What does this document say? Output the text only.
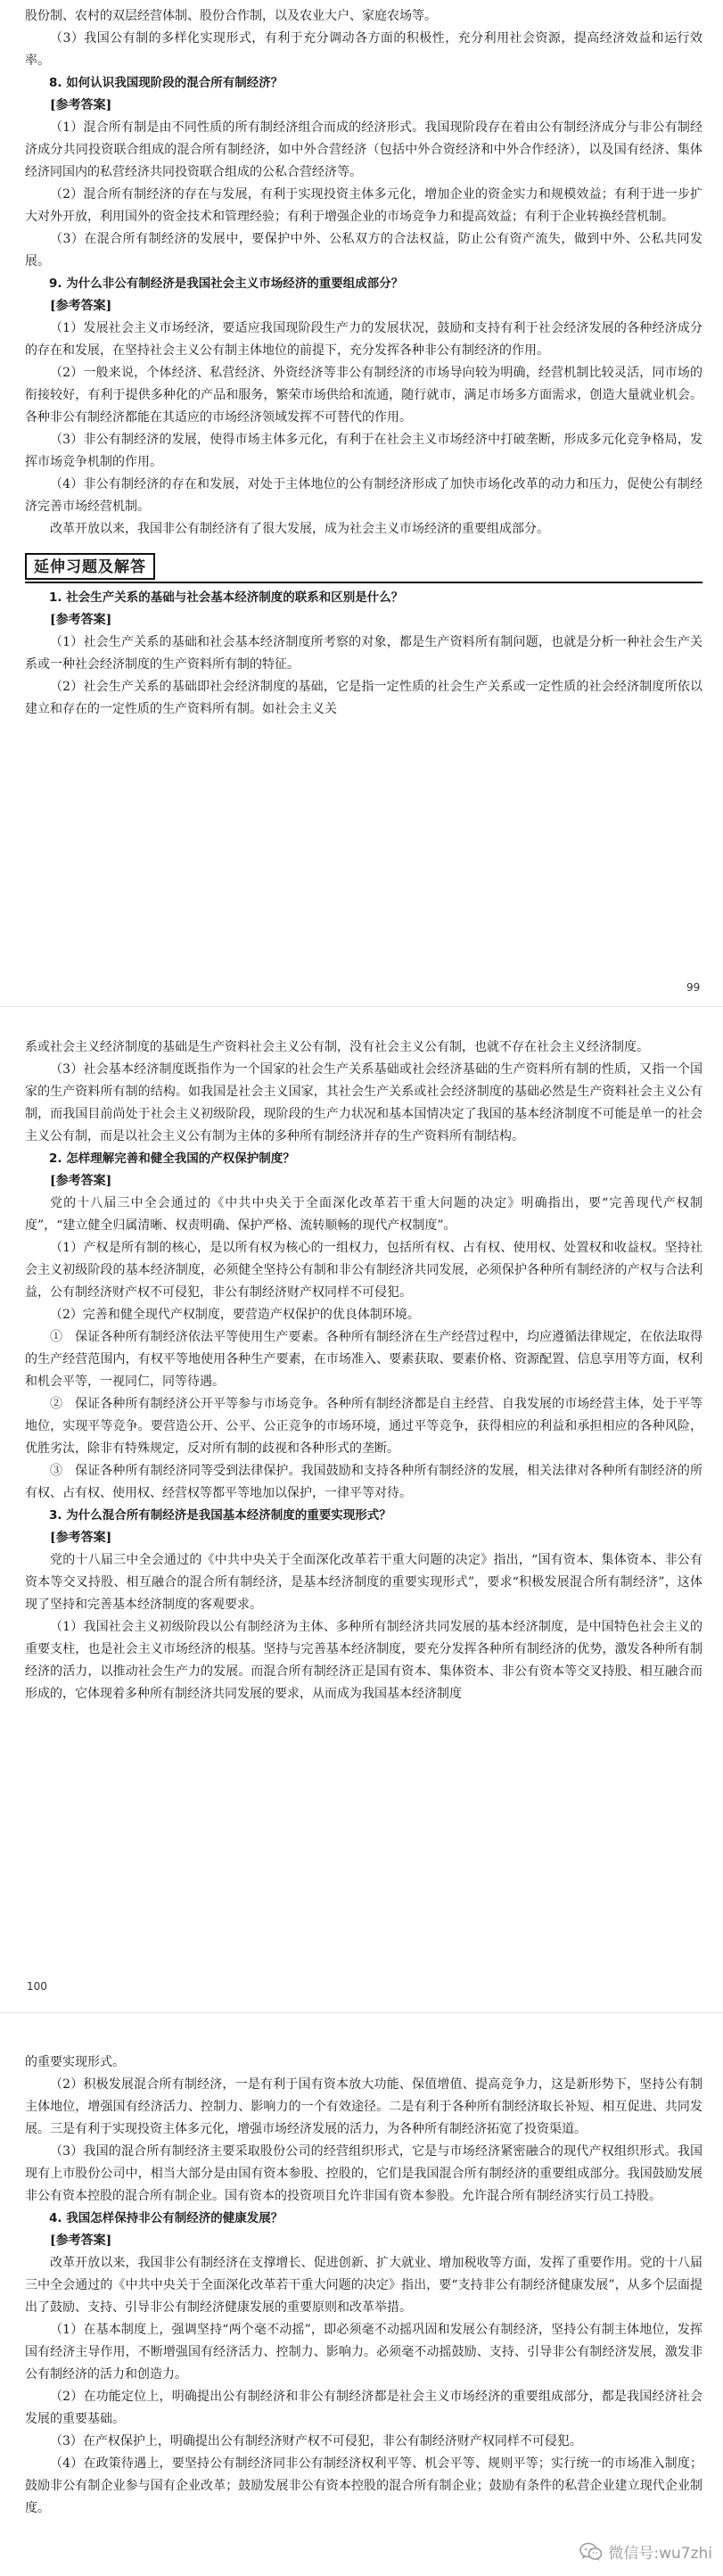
股份制、农村的双层经营体制、股份合作制，以及农业大户、家庭农场等。

（3）我国公有制的多样化实现形式，有利于充分调动各方面的积极性，充分利用社会资源，提高经济效益和运行效率。

8. 如何认识我国现阶段的混合所有制经济？

[参考答案]

（1）混合所有制是由不同性质的所有制经济组合而成的经济形式。我国现阶段存在着由公有制经济成分与非公有制经济成分共同投资联合组成的混合所有制经济，如中外合营经济（包括中外合资经济和中外合作经济），以及国有经济、集体经济同国内的私营经济共同投资联合组成的公私合营经济等。

（2）混合所有制经济的存在与发展，有利于实现投资主体多元化，增加企业的资金实力和规模效益；有利于进一步扩大对外开放，利用国外的资金技术和管理经验；有利于增强企业的市场竞争力和提高效益；有利于企业转换经营机制。

（3）在混合所有制经济的发展中，要保护中外、公私双方的合法权益，防止公有资产流失，做到中外、公私共同发展。

9. 为什么非公有制经济是我国社会主义市场经济的重要组成部分？

[参考答案]

（1）发展社会主义市场经济，要适应我国现阶段生产力的发展状况，鼓励和支持有利于社会经济发展的各种经济成分的存在和发展，在坚持社会主义公有制主体地位的前提下，充分发挥各种非公有制经济的作用。

（2）一般来说，个体经济、私营经济、外资经济等非公有制经济的市场导向较为明确，经营机制比较灵活，同市场的衔接较好，有利于提供多种化的产品和服务，繁荣市场供给和流通，随行就市，满足市场多方面需求，创造大量就业机会。各种非公有制经济都能在其适应的市场经济领域发挥不可替代的作用。

（3）非公有制经济的发展，使得市场主体多元化，有利于在社会主义市场经济中打破垄断，形成多元化竞争格局，发挥市场竞争机制的作用。

（4）非公有制经济的存在和发展，对处于主体地位的公有制经济形成了加快市场化改革的动力和压力，促使公有制经济完善市场经营机制。

改革开放以来，我国非公有制经济有了很大发展，成为社会主义市场经济的重要组成部分。

延伸习题及解答

1. 社会生产关系的基础与社会基本经济制度的联系和区别是什么？

[参考答案]

（1）社会生产关系的基础和社会基本经济制度所考察的对象，都是生产资料所有制问题，也就是分析一种社会生产关系或一种社会经济制度的生产资料所有制的特征。

（2）社会生产关系的基础即社会经济制度的基础，它是指一定性质的社会生产关系或一定性质的社会经济制度所依以建立和存在的一定性质的生产资料所有制。如社会主义关

99

系或社会主义经济制度的基础是生产资料社会主义公有制，没有社会主义公有制，也就不存在社会主义经济制度。

（3）社会基本经济制度既指作为一个国家的社会生产关系基础或社会经济基础的生产资料所有制的性质，又指一个国家的生产资料所有制的结构。如我国是社会主义国家，其社会生产关系或社会经济制度的基础必然是生产资料社会主义公有制，而我国目前尚处于社会主义初级阶段，现阶段的生产力状况和基本国情决定了我国的基本经济制度不可能是单一的社会主义公有制，而是以社会主义公有制为主体的多种所有制经济并存的生产资料所有制结构。

2. 怎样理解完善和健全我国的产权保护制度？

[参考答案]

党的十八届三中全会通过的《中共中央关于全面深化改革若干重大问题的决定》明确指出，要“完善现代产权制度”，“建立健全归属清晰、权责明确、保护严格、流转顺畅的现代产权制度”。

（1）产权是所有制的核心，是以所有权为核心的一组权力，包括所有权、占有权、使用权、处置权和收益权。坚持社会主义初级阶段的基本经济制度，必须健全坚持公有制和非公有制经济共同发展，必须保护各种所有制经济的产权与合法利益，公有制经济财产权不可侵犯，非公有制经济财产权同样不可侵犯。

（2）完善和健全现代产权制度，要营造产权保护的优良体制环境。

①　保证各种所有制经济依法平等使用生产要素。各种所有制经济在生产经营过程中，均应遵循法律规定，在依法取得的生产经营范围内，有权平等地使用各种生产要素，在市场准入、要素获取、要素价格、资源配置、信息享用等方面，权利和机会平等，一视同仁，同等待遇。

②　保证各种所有制经济公开平等参与市场竞争。各种所有制经济都是自主经营、自我发展的市场经营主体，处于平等地位，实现平等竞争。要营造公开、公平、公正竞争的市场环境，通过平等竞争，获得相应的利益和承担相应的各种风险，优胜劣汰，除非有特殊规定，反对所有制的歧视和各种形式的垄断。

③　保证各种所有制经济同等受到法律保护。我国鼓励和支持各种所有制经济的发展，相关法律对各种所有制经济的所有权、占有权、使用权、经营权等都平等地加以保护，一律平等对待。

3. 为什么混合所有制经济是我国基本经济制度的重要实现形式？

[参考答案]

党的十八届三中全会通过的《中共中央关于全面深化改革若干重大问题的决定》指出，“国有资本、集体资本、非公有资本等交叉持股、相互融合的混合所有制经济，是基本经济制度的重要实现形式”，要求“积极发展混合所有制经济”，这体现了坚持和完善基本经济制度的客观要求。

（1）我国社会主义初级阶段以公有制经济为主体、多种所有制经济共同发展的基本经济制度，是中国特色社会主义的重要支柱，也是社会主义市场经济的根基。坚持与完善基本经济制度，要充分发挥各种所有制经济的优势，激发各种所有制经济的活力，以推动社会生产力的发展。而混合所有制经济正是国有资本、集体资本、非公有资本等交叉持股、相互融合而形成的，它体现着多种所有制经济共同发展的要求，从而成为我国基本经济制度

100

的重要实现形式。

（2）积极发展混合所有制经济，一是有利于国有资本放大功能、保值增值、提高竞争力，这是新形势下，坚持公有制主体地位，增强国有经济活力、控制力、影响力的一个有效途径。二是有利于各种所有制经济取长补短、相互促进、共同发展。三是有利于实现投资主体多元化，增强市场经济发展的活力，为各种所有制经济拓宽了投资渠道。

（3）我国的混合所有制经济主要采取股份公司的经营组织形式，它是与市场经济紧密融合的现代产权组织形式。我国现有上市股份公司中，相当大部分是由国有资本参股、控股的，它们是我国混合所有制经济的重要组成部分。我国鼓励发展非公有资本控股的混合所有制企业。国有资本的投资项目允许非国有资本参股。允许混合所有制经济实行员工持股。

4. 我国怎样保持非公有制经济的健康发展？

[参考答案]

改革开放以来，我国非公有制经济在支撑增长、促进创新、扩大就业、增加税收等方面，发挥了重要作用。党的十八届三中全会通过的《中共中央关于全面深化改革若干重大问题的决定》指出，要“支持非公有制经济健康发展”，从多个层面提出了鼓励、支持、引导非公有制经济健康发展的重要原则和改革举措。

（1）在基本制度上，强调坚持“两个毫不动摇”，即必须毫不动摇巩固和发展公有制经济，坚持公有制主体地位，发挥国有经济主导作用，不断增强国有经济活力、控制力、影响力。必须毫不动摇鼓励、支持、引导非公有制经济发展，激发非公有制经济的活力和创造力。

（2）在功能定位上，明确提出公有制经济和非公有制经济都是社会主义市场经济的重要组成部分，都是我国经济社会发展的重要基础。

（3）在产权保护上，明确提出公有制经济财产权不可侵犯，非公有制经济财产权同样不可侵犯。

（4）在政策待遇上，要坚持公有制经济同非公有制经济权利平等、机会平等、规则平等；实行统一的市场准入制度；鼓励非公有制企业参与国有企业改革；鼓励发展非公有资本控股的混合所有制企业；鼓励有条件的私营企业建立现代企业制度。

微信号:wu7zhi
